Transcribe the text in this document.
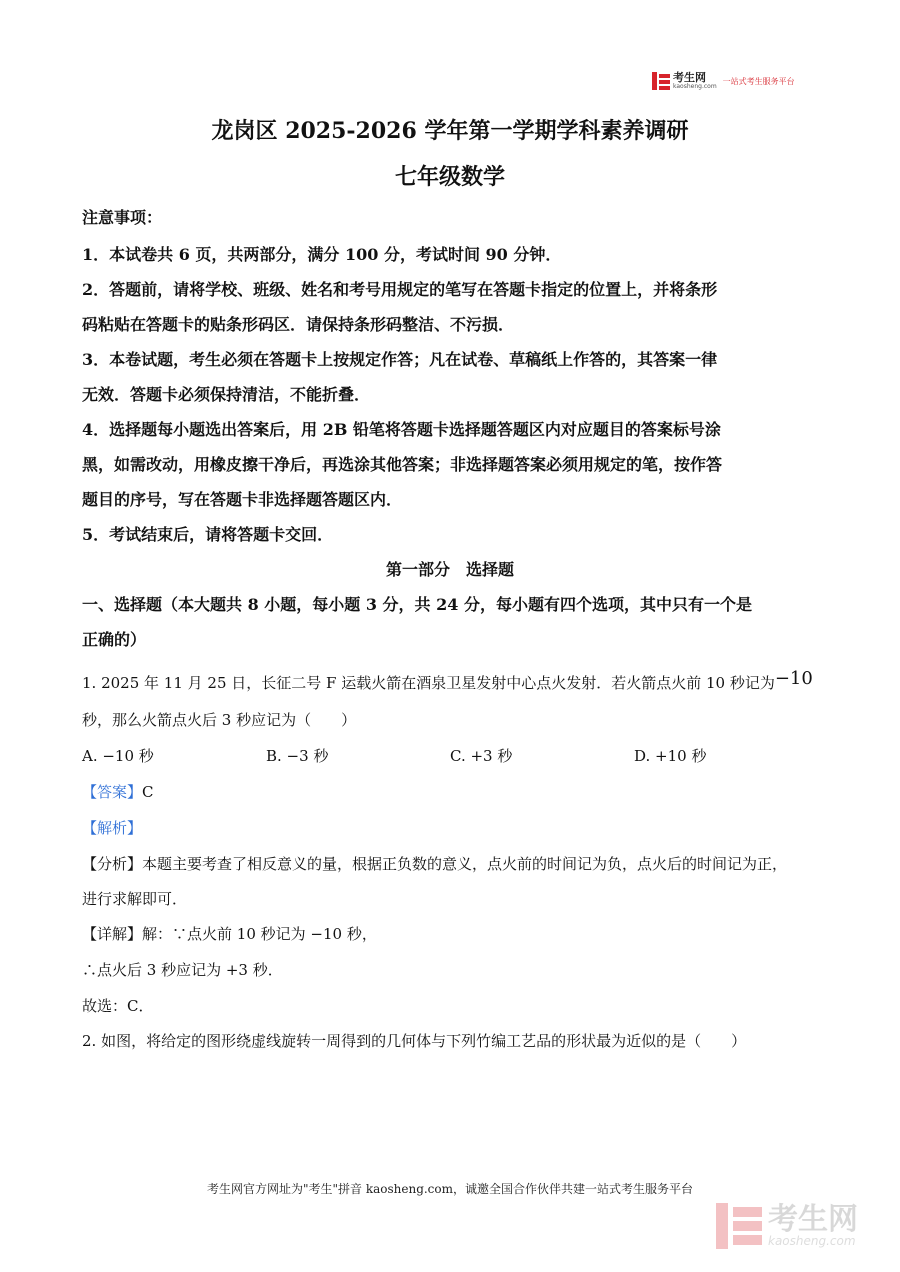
考生网
kaosheng.com
一站式考生服务平台
龙岗区 2025-2026 学年第一学期学科素养调研
七年级数学
注意事项：
1．本试卷共 6 页，共两部分，满分 100 分，考试时间 90 分钟．
2．答题前，请将学校、班级、姓名和考号用规定的笔写在答题卡指定的位置上，并将条形
码粘贴在答题卡的贴条形码区．请保持条形码整洁、不污损．
3．本卷试题，考生必须在答题卡上按规定作答；凡在试卷、草稿纸上作答的，其答案一律
无效．答题卡必须保持清洁，不能折叠．
4．选择题每小题选出答案后，用 2B 铅笔将答题卡选择题答题区内对应题目的答案标号涂
黑，如需改动，用橡皮擦干净后，再选涂其他答案；非选择题答案必须用规定的笔，按作答
题目的序号，写在答题卡非选择题答题区内．
5．考试结束后，请将答题卡交回．
第一部分　选择题
一、选择题（本大题共 8 小题，每小题 3 分，共 24 分，每小题有四个选项，其中只有一个是
正确的）
1. 2025 年 11 月 25 日，长征二号 F 运载火箭在酒泉卫星发射中心点火发射．若火箭点火前 10 秒记为−10
秒，那么火箭点火后 3 秒应记为（　　）
A. −10 秒	B. −3 秒	C. +3 秒	D. +10 秒
【答案】C
【解析】
【分析】本题主要考查了相反意义的量，根据正负数的意义，点火前的时间记为负，点火后的时间记为正，
进行求解即可．
【详解】解：∵点火前 10 秒记为 −10 秒，
∴点火后 3 秒应记为 +3 秒．
故选：C．
2. 如图，将给定的图形绕虚线旋转一周得到的几何体与下列竹编工艺品的形状最为近似的是（　　）
考生网官方网址为"考生"拼音 kaosheng.com，诚邀全国合作伙伴共建一站式考生服务平台
考生网
kaosheng.com
